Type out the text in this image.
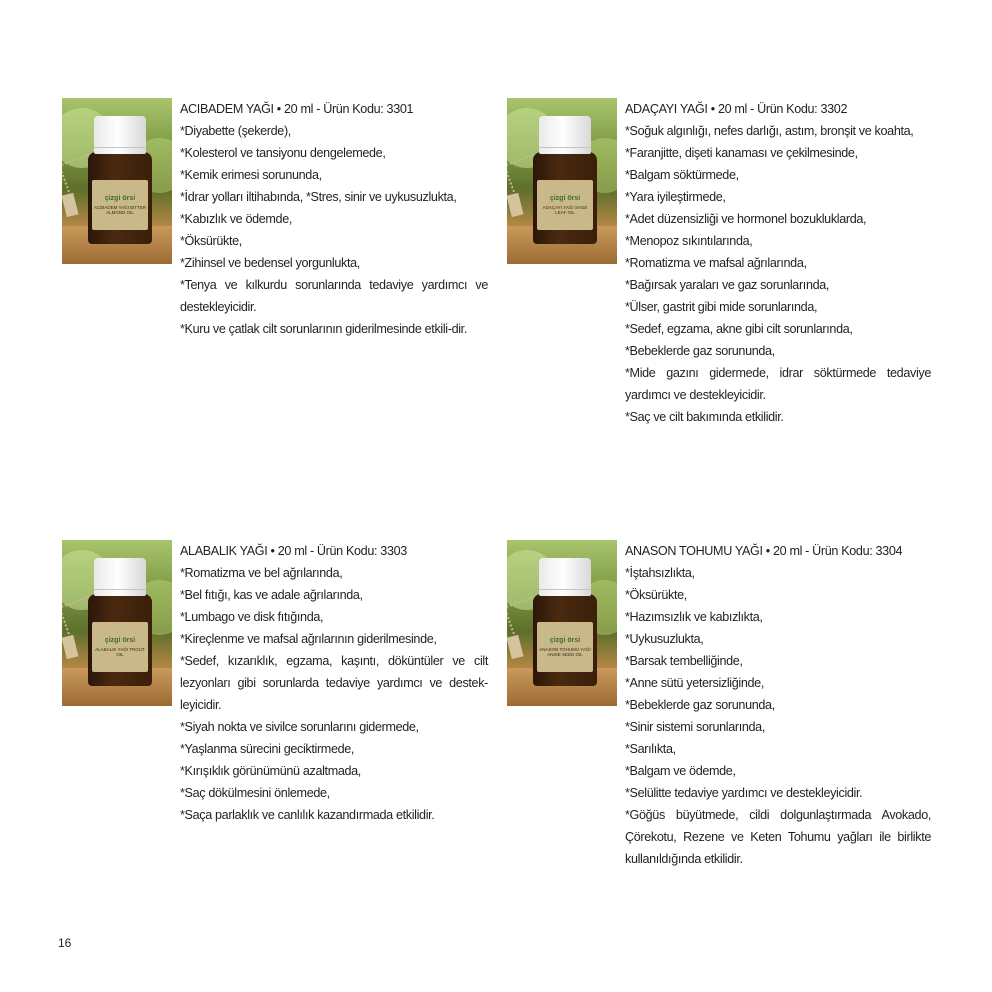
çizgi örsi
ACIBADEM YAĞI BITTER ALMOND OIL
ACIBADEM YAĞI • 20 ml - Ürün Kodu: 3301
*Diyabette (şekerde),
*Kolesterol ve tansiyonu dengelemede,
*Kemik erimesi sorununda,
*İdrar yolları iltihabında, *Stres, sinir ve uykusuzlukta,
*Kabızlık ve ödemde,
*Öksürükte,
*Zihinsel ve bedensel yorgunlukta,
*Tenya ve kılkurdu sorunlarında tedaviye yardımcı ve destekleyicidir.
*Kuru ve çatlak cilt sorunlarının giderilmesinde etkili-dir.
çizgi örsi
ADAÇAYI YAĞI SAGE LEAF OIL
ADAÇAYI YAĞI • 20 ml - Ürün Kodu: 3302
*Soğuk algınlığı, nefes darlığı, astım, bronşit ve koahta,
*Faranjitte, dişeti kanaması ve çekilmesinde,
*Balgam söktürmede,
*Yara iyileştirmede,
*Adet düzensizliği ve hormonel bozukluklarda,
*Menopoz sıkıntılarında,
*Romatizma ve mafsal ağrılarında,
*Bağırsak yaraları ve gaz sorunlarında,
*Ülser, gastrit gibi mide sorunlarında,
*Sedef, egzama, akne gibi cilt sorunlarında,
*Bebeklerde gaz sorununda,
*Mide gazını gidermede, idrar söktürmede tedaviye yardımcı ve destekleyicidir.
*Saç ve cilt bakımında etkilidir.
çizgi örsi
ALABALIK YAĞI TROUT OIL
ALABALIK YAĞI • 20 ml - Ürün Kodu: 3303
*Romatizma ve bel ağrılarında,
*Bel fıtığı, kas ve adale ağrılarında,
*Lumbago ve disk fıtığında,
*Kireçlenme ve mafsal ağrılarının giderilmesinde,
*Sedef, kızarıklık, egzama, kaşıntı, döküntüler ve cilt lezyonları gibi sorunlarda tedaviye yardımcı ve destek-leyicidir.
*Siyah nokta ve sivilce sorunlarını gidermede,
*Yaşlanma sürecini geciktirmede,
*Kırışıklık görünümünü azaltmada,
*Saç dökülmesini önlemede,
*Saça parlaklık ve canlılık kazandırmada etkilidir.
çizgi örsi
ANASON TOHUMU YAĞI ANISE SEED OIL
ANASON TOHUMU YAĞI • 20 ml - Ürün Kodu: 3304
*İştahsızlıkta,
*Öksürükte,
*Hazımsızlık ve kabızlıkta,
*Uykusuzlukta,
*Barsak tembelliğinde,
*Anne sütü yetersizliğinde,
*Bebeklerde gaz sorununda,
*Sinir sistemi sorunlarında,
*Sarılıkta,
*Balgam ve ödemde,
*Selülitte tedaviye yardımcı ve destekleyicidir.
*Göğüs büyütmede, cildi dolgunlaştırmada Avokado, Çörekotu, Rezene ve Keten Tohumu yağları ile birlikte kullanıldığında etkilidir.
16
